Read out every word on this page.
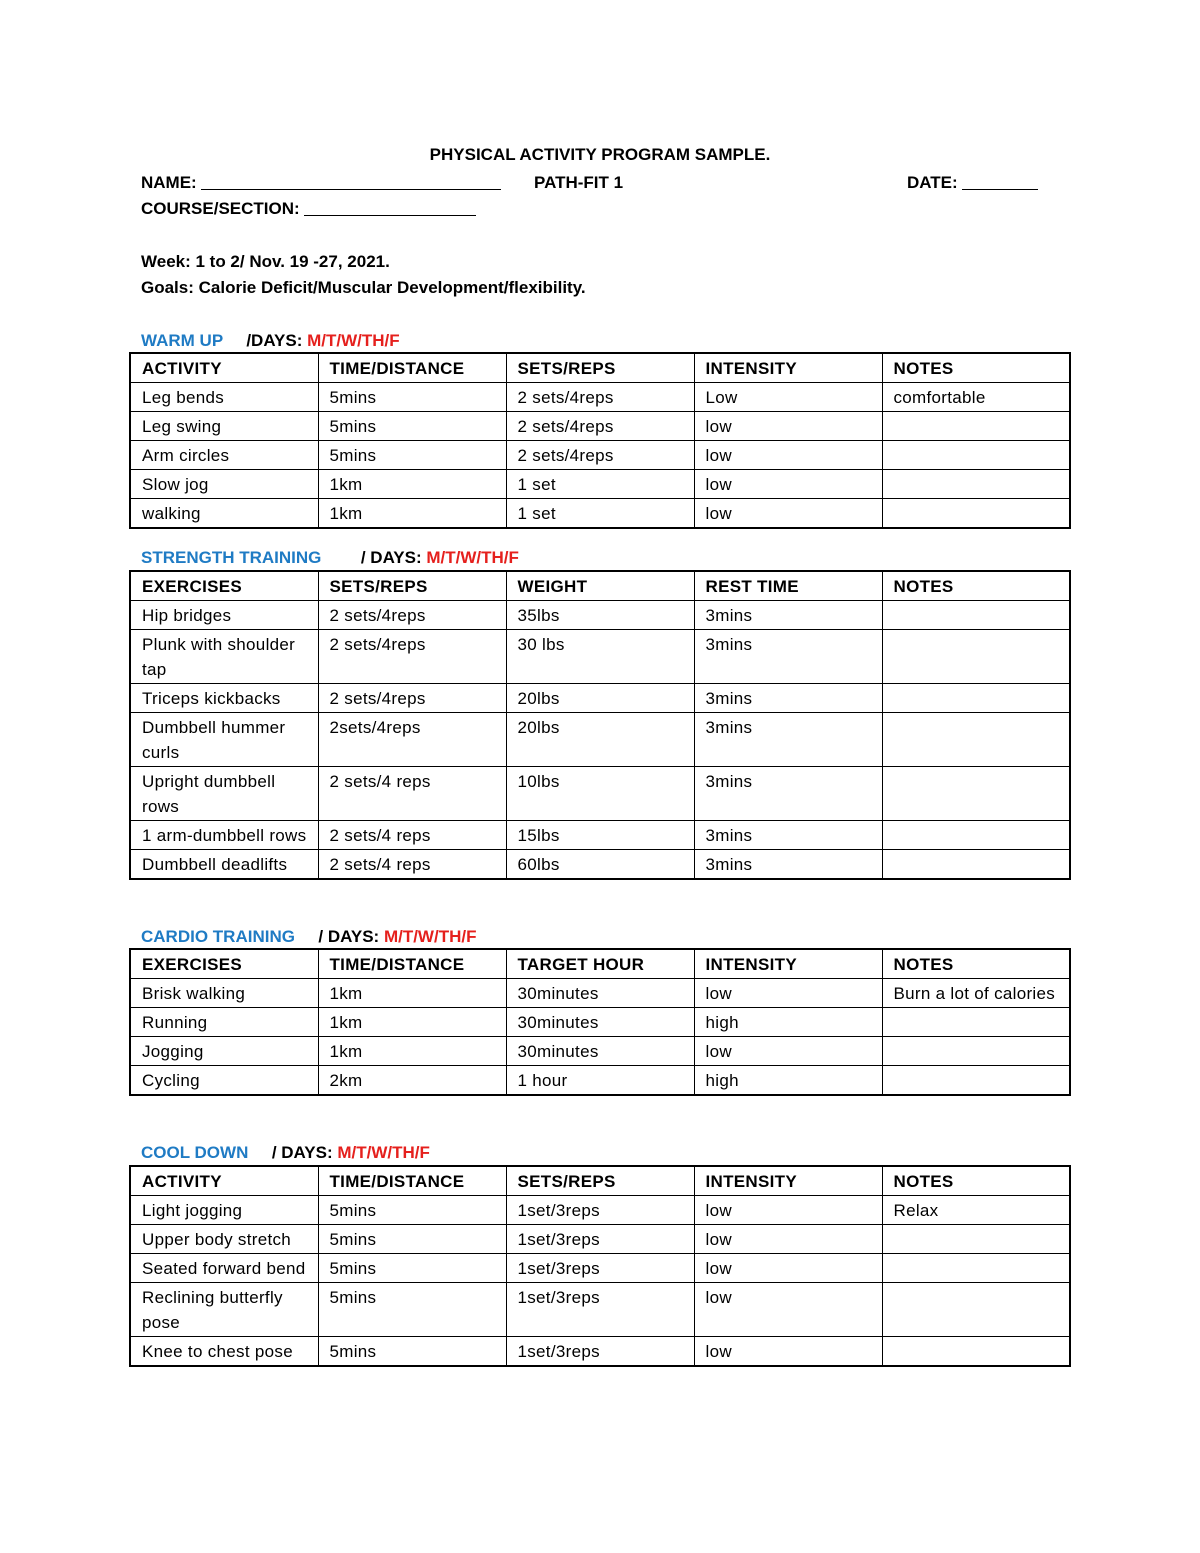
PHYSICAL ACTIVITY PROGRAM SAMPLE.
NAME:	PATH-FIT 1	DATE:
COURSE/SECTION:
Week: 1 to 2/ Nov. 19 -27, 2021.
Goals: Calorie Deficit/Muscular Development/flexibility.
WARM UP /DAYS: M/T/W/TH/F
ACTIVITY	TIME/DISTANCE	SETS/REPS	INTENSITY	NOTES
Leg bends	5mins	2 sets/4reps	Low	comfortable
Leg swing	5mins	2 sets/4reps	low	
Arm circles	5mins	2 sets/4reps	low	
Slow jog	1km	1 set	low	
walking	1km	1 set	low	
STRENGTH TRAINING / DAYS: M/T/W/TH/F
EXERCISES	SETS/REPS	WEIGHT	REST TIME	NOTES
Hip bridges	2 sets/4reps	35lbs	3mins	
Plunk with shoulder tap	2 sets/4reps	30 lbs	3mins	
Triceps kickbacks	2 sets/4reps	20lbs	3mins	
Dumbbell hummer curls	2sets/4reps	20lbs	3mins	
Upright dumbbell rows	2 sets/4 reps	10lbs	3mins	
1 arm-dumbbell rows	2 sets/4 reps	15lbs	3mins	
Dumbbell deadlifts	2 sets/4 reps	60lbs	3mins	
CARDIO TRAINING / DAYS: M/T/W/TH/F
EXERCISES	TIME/DISTANCE	TARGET HOUR	INTENSITY	NOTES
Brisk walking	1km	30minutes	low	Burn a lot of calories
Running	1km	30minutes	high	
Jogging	1km	30minutes	low	
Cycling	2km	1 hour	high	
COOL DOWN / DAYS: M/T/W/TH/F
ACTIVITY	TIME/DISTANCE	SETS/REPS	INTENSITY	NOTES
Light jogging	5mins	1set/3reps	low	Relax
Upper body stretch	5mins	1set/3reps	low	
Seated forward bend	5mins	1set/3reps	low	
Reclining butterfly pose	5mins	1set/3reps	low	
Knee to chest pose	5mins	1set/3reps	low	
